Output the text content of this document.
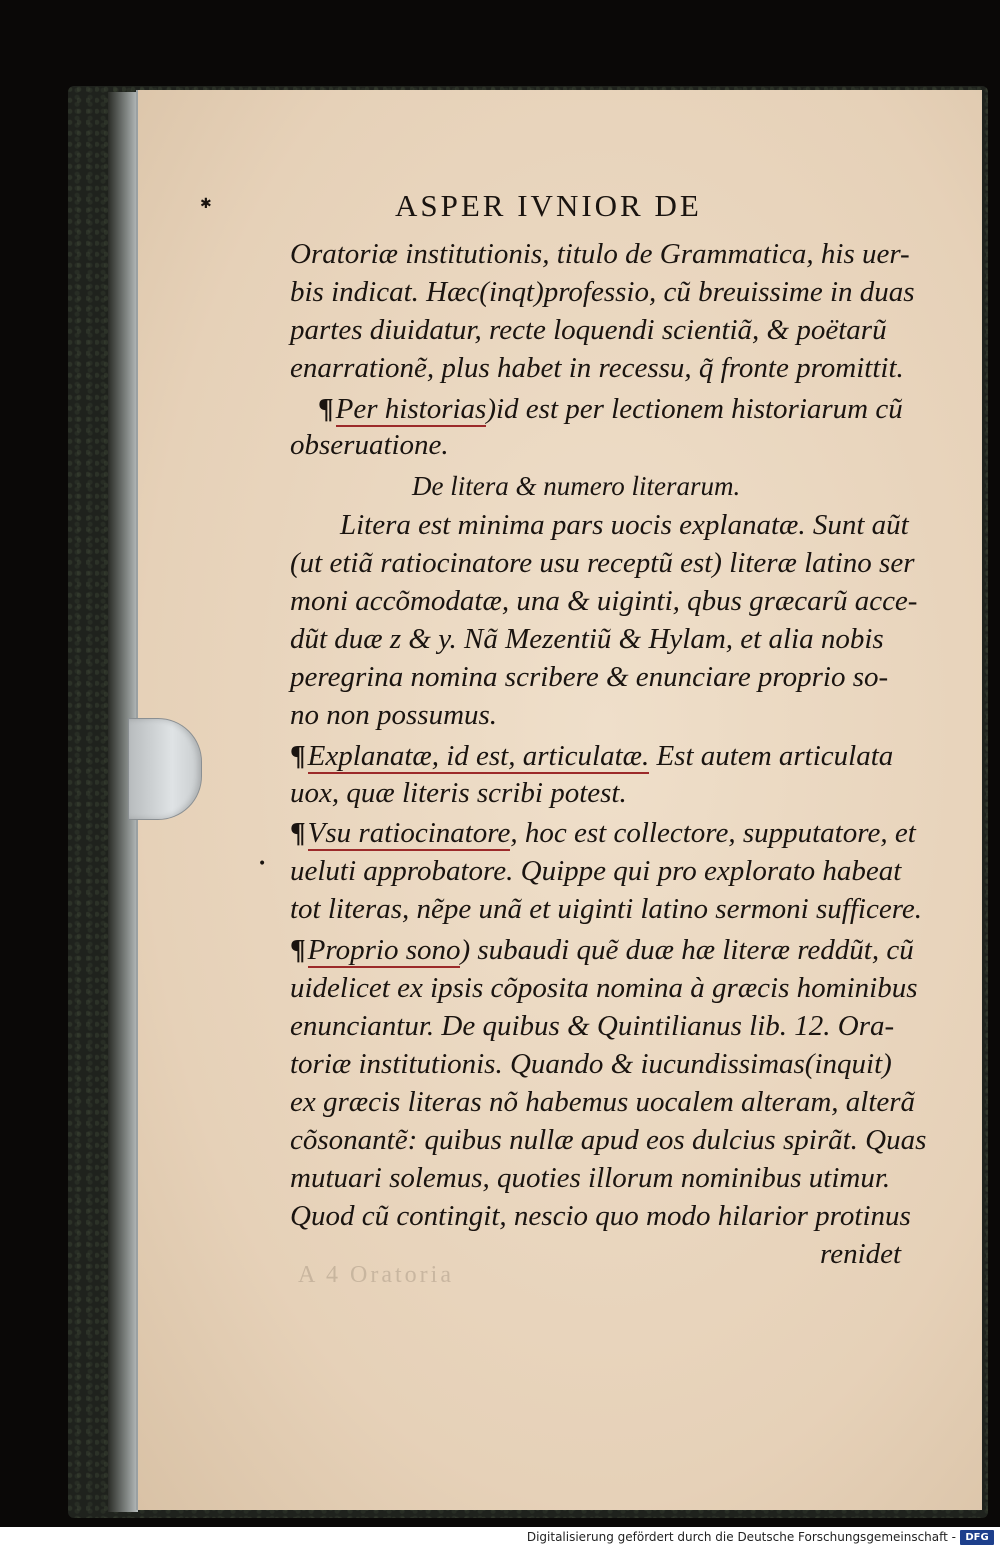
✱
•
ASPER IVNIOR DE
Oratoriæ institutionis, titulo de Grammatica, his uer-
bis indicat. Hæc(inqt)professio, cũ breuissime in duas
partes diuidatur, recte loquendi scientiã, & poëtarũ
enarrationẽ, plus habet in recessu, q̃ fronte promittit.
¶Per historias)id est per lectionem historiarum cũ
obseruatione.
De litera & numero literarum.
Litera est minima pars uocis explanatæ. Sunt aũt
(ut etiã ratiocinatore usu receptũ est) literæ latino ser
moni accõmodatæ, una & uiginti, qbus græcarũ acce-
dũt duæ z & y. Nã Mezentiũ & Hylam, et alia nobis
peregrina nomina scribere & enunciare proprio so-
no non possumus.
¶Explanatæ, id est, articulatæ. Est autem articulata
uox, quæ literis scribi potest.
¶Vsu ratiocinatore, hoc est collectore, supputatore, et
ueluti approbatore. Quippe qui pro explorato habeat
tot literas, nẽpe unã et uiginti latino sermoni sufficere.
¶Proprio sono) subaudi quẽ duæ hæ literæ reddũt, cũ
uidelicet ex ipsis cõposita nomina à græcis hominibus
enunciantur. De quibus & Quintilianus lib. 12. Ora-
toriæ institutionis. Quando & iucundissimas(inquit)
ex græcis literas nõ habemus uocalem alteram, alterã
cõsonantẽ: quibus nullæ apud eos dulcius spirãt. Quas
mutuari solemus, quoties illorum nominibus utimur.
Quod cũ contingit, nescio quo modo hilarior protinus
renidet
A 4 Oratoria
Digitalisierung gefördert durch die Deutsche Forschungsgemeinschaft - DFG
